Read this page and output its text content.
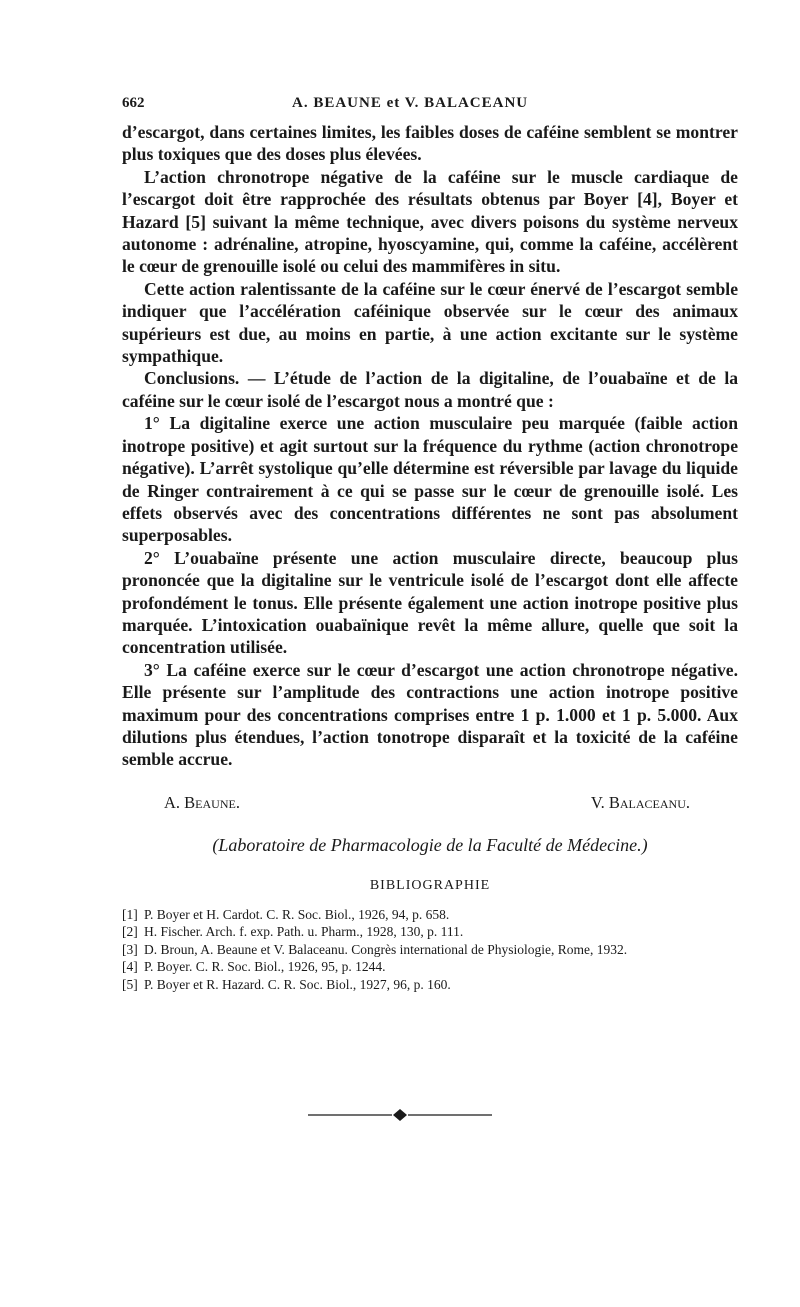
662	A. BEAUNE et V. BALACEANU

d’escargot, dans certaines limites, les faibles doses de caféine semblent se montrer plus toxiques que des doses plus élevées.

L’action chronotrope négative de la caféine sur le muscle cardiaque de l’escargot doit être rapprochée des résultats obtenus par Boyer [4], Boyer et Hazard [5] suivant la même technique, avec divers poisons du système nerveux autonome : adrénaline, atropine, hyoscyamine, qui, comme la caféine, accélèrent le cœur de grenouille isolé ou celui des mammifères in situ.

Cette action ralentissante de la caféine sur le cœur énervé de l’escargot semble indiquer que l’accélération caféinique observée sur le cœur des animaux supérieurs est due, au moins en partie, à une action excitante sur le système sympathique.

Conclusions. — L’étude de l’action de la digitaline, de l’ouabaïne et de la caféine sur le cœur isolé de l’escargot nous a montré que :

1° La digitaline exerce une action musculaire peu marquée (faible action inotrope positive) et agit surtout sur la fréquence du rythme (action chronotrope négative). L’arrêt systolique qu’elle détermine est réversible par lavage du liquide de Ringer contrairement à ce qui se passe sur le cœur de grenouille isolé. Les effets observés avec des concentrations différentes ne sont pas absolument superposables.

2° L’ouabaïne présente une action musculaire directe, beaucoup plus prononcée que la digitaline sur le ventricule isolé de l’escargot dont elle affecte profondément le tonus. Elle présente également une action inotrope positive plus marquée. L’intoxication ouabaïnique revêt la même allure, quelle que soit la concentration utilisée.

3° La caféine exerce sur le cœur d’escargot une action chronotrope négative. Elle présente sur l’amplitude des contractions une action inotrope positive maximum pour des concentrations comprises entre 1 p. 1.000 et 1 p. 5.000. Aux dilutions plus étendues, l’action tonotrope disparaît et la toxicité de la caféine semble accrue.

A. Beaune.	V. Balaceanu.
(Laboratoire de Pharmacologie de la Faculté de Médecine.)
BIBLIOGRAPHIE
[1] P. Boyer et H. Cardot. C. R. Soc. Biol., 1926, 94, p. 658.
[2] H. Fischer. Arch. f. exp. Path. u. Pharm., 1928, 130, p. 111.
[3] D. Broun, A. Beaune et V. Balaceanu. Congrès international de Physiologie, Rome, 1932.
[4] P. Boyer. C. R. Soc. Biol., 1926, 95, p. 1244.
[5] P. Boyer et R. Hazard. C. R. Soc. Biol., 1927, 96, p. 160.
